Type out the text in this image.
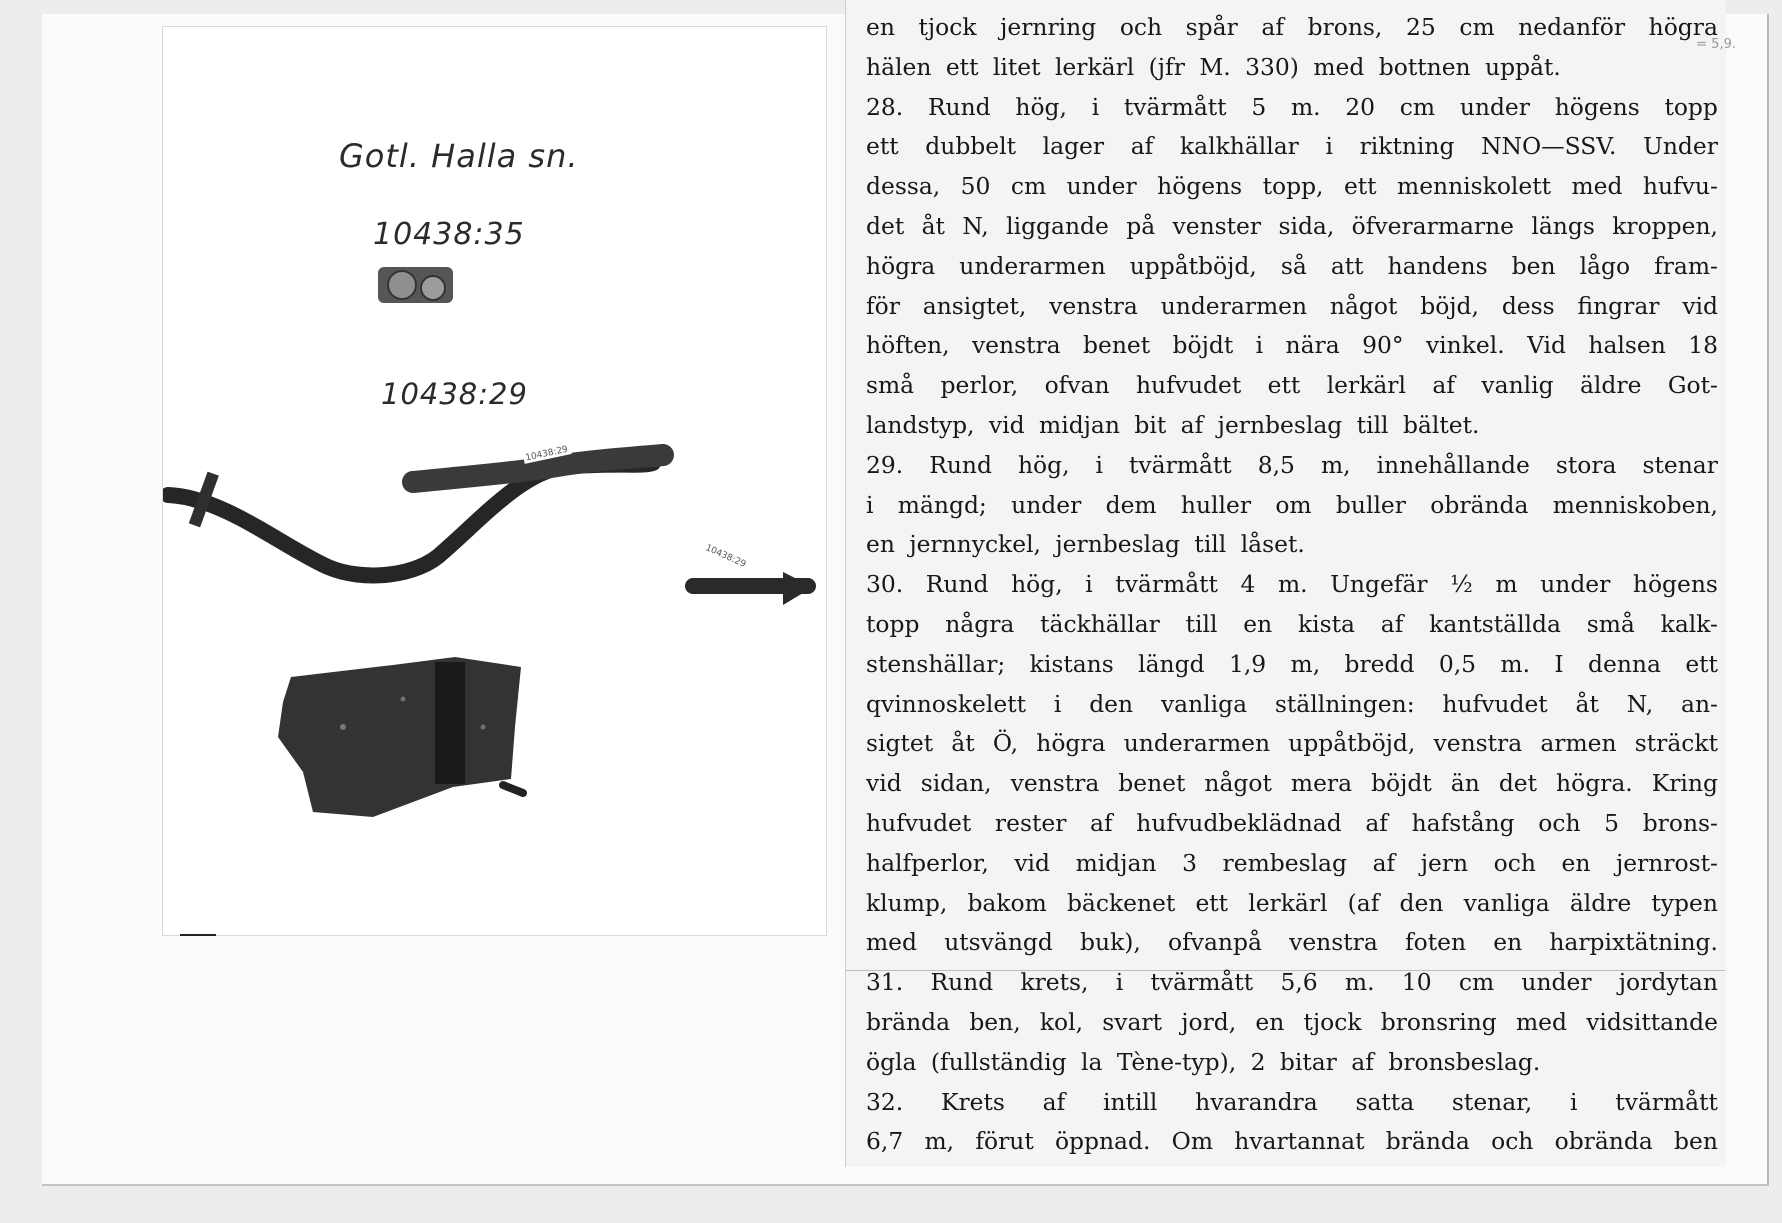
Gotl. Halla sn.
10438:35
10438:29
10438:29
10438:29
= 5,9.
en tjock jernring och spår af brons, 25 cm nedanför högra
hälen ett litet lerkärl (jfr M. 330) med bottnen uppåt.
28. Rund hög, i tvärmått 5 m. 20 cm under högens topp
ett dubbelt lager af kalkhällar i riktning NNO—SSV. Under
dessa, 50 cm under högens topp, ett menniskolett med hufvu-
det åt N, liggande på venster sida, öfverarmarne längs kroppen,
högra underarmen uppåtböjd, så att handens ben lågo fram-
för ansigtet, venstra underarmen något böjd, dess fingrar vid
höften, venstra benet böjdt i nära 90° vinkel. Vid halsen 18
små perlor, ofvan hufvudet ett lerkärl af vanlig äldre Got-
landstyp, vid midjan bit af jernbeslag till bältet.
29. Rund hög, i tvärmått 8,5 m, innehållande stora stenar
i mängd; under dem huller om buller obrända menniskoben,
en jernnyckel, jernbeslag till låset.
30. Rund hög, i tvärmått 4 m. Ungefär ½ m under högens
topp några täckhällar till en kista af kantställda små kalk-
stenshällar; kistans längd 1,9 m, bredd 0,5 m. I denna ett
qvinnoskelett i den vanliga ställningen: hufvudet åt N, an-
sigtet åt Ö, högra underarmen uppåtböjd, venstra armen sträckt
vid sidan, venstra benet något mera böjdt än det högra. Kring
hufvudet rester af hufvudbeklädnad af hafstång och 5 brons-
halfperlor, vid midjan 3 rembeslag af jern och en jernrost-
klump, bakom bäckenet ett lerkärl (af den vanliga äldre typen
med utsvängd buk), ofvanpå venstra foten en harpixtätning.
31. Rund krets, i tvärmått 5,6 m. 10 cm under jordytan
brända ben, kol, svart jord, en tjock bronsring med vidsittande
ögla (fullständig la Tène-typ), 2 bitar af bronsbeslag.
32. Krets af intill hvarandra satta stenar, i tvärmått
6,7 m, förut öppnad. Om hvartannat brända och obrända ben
